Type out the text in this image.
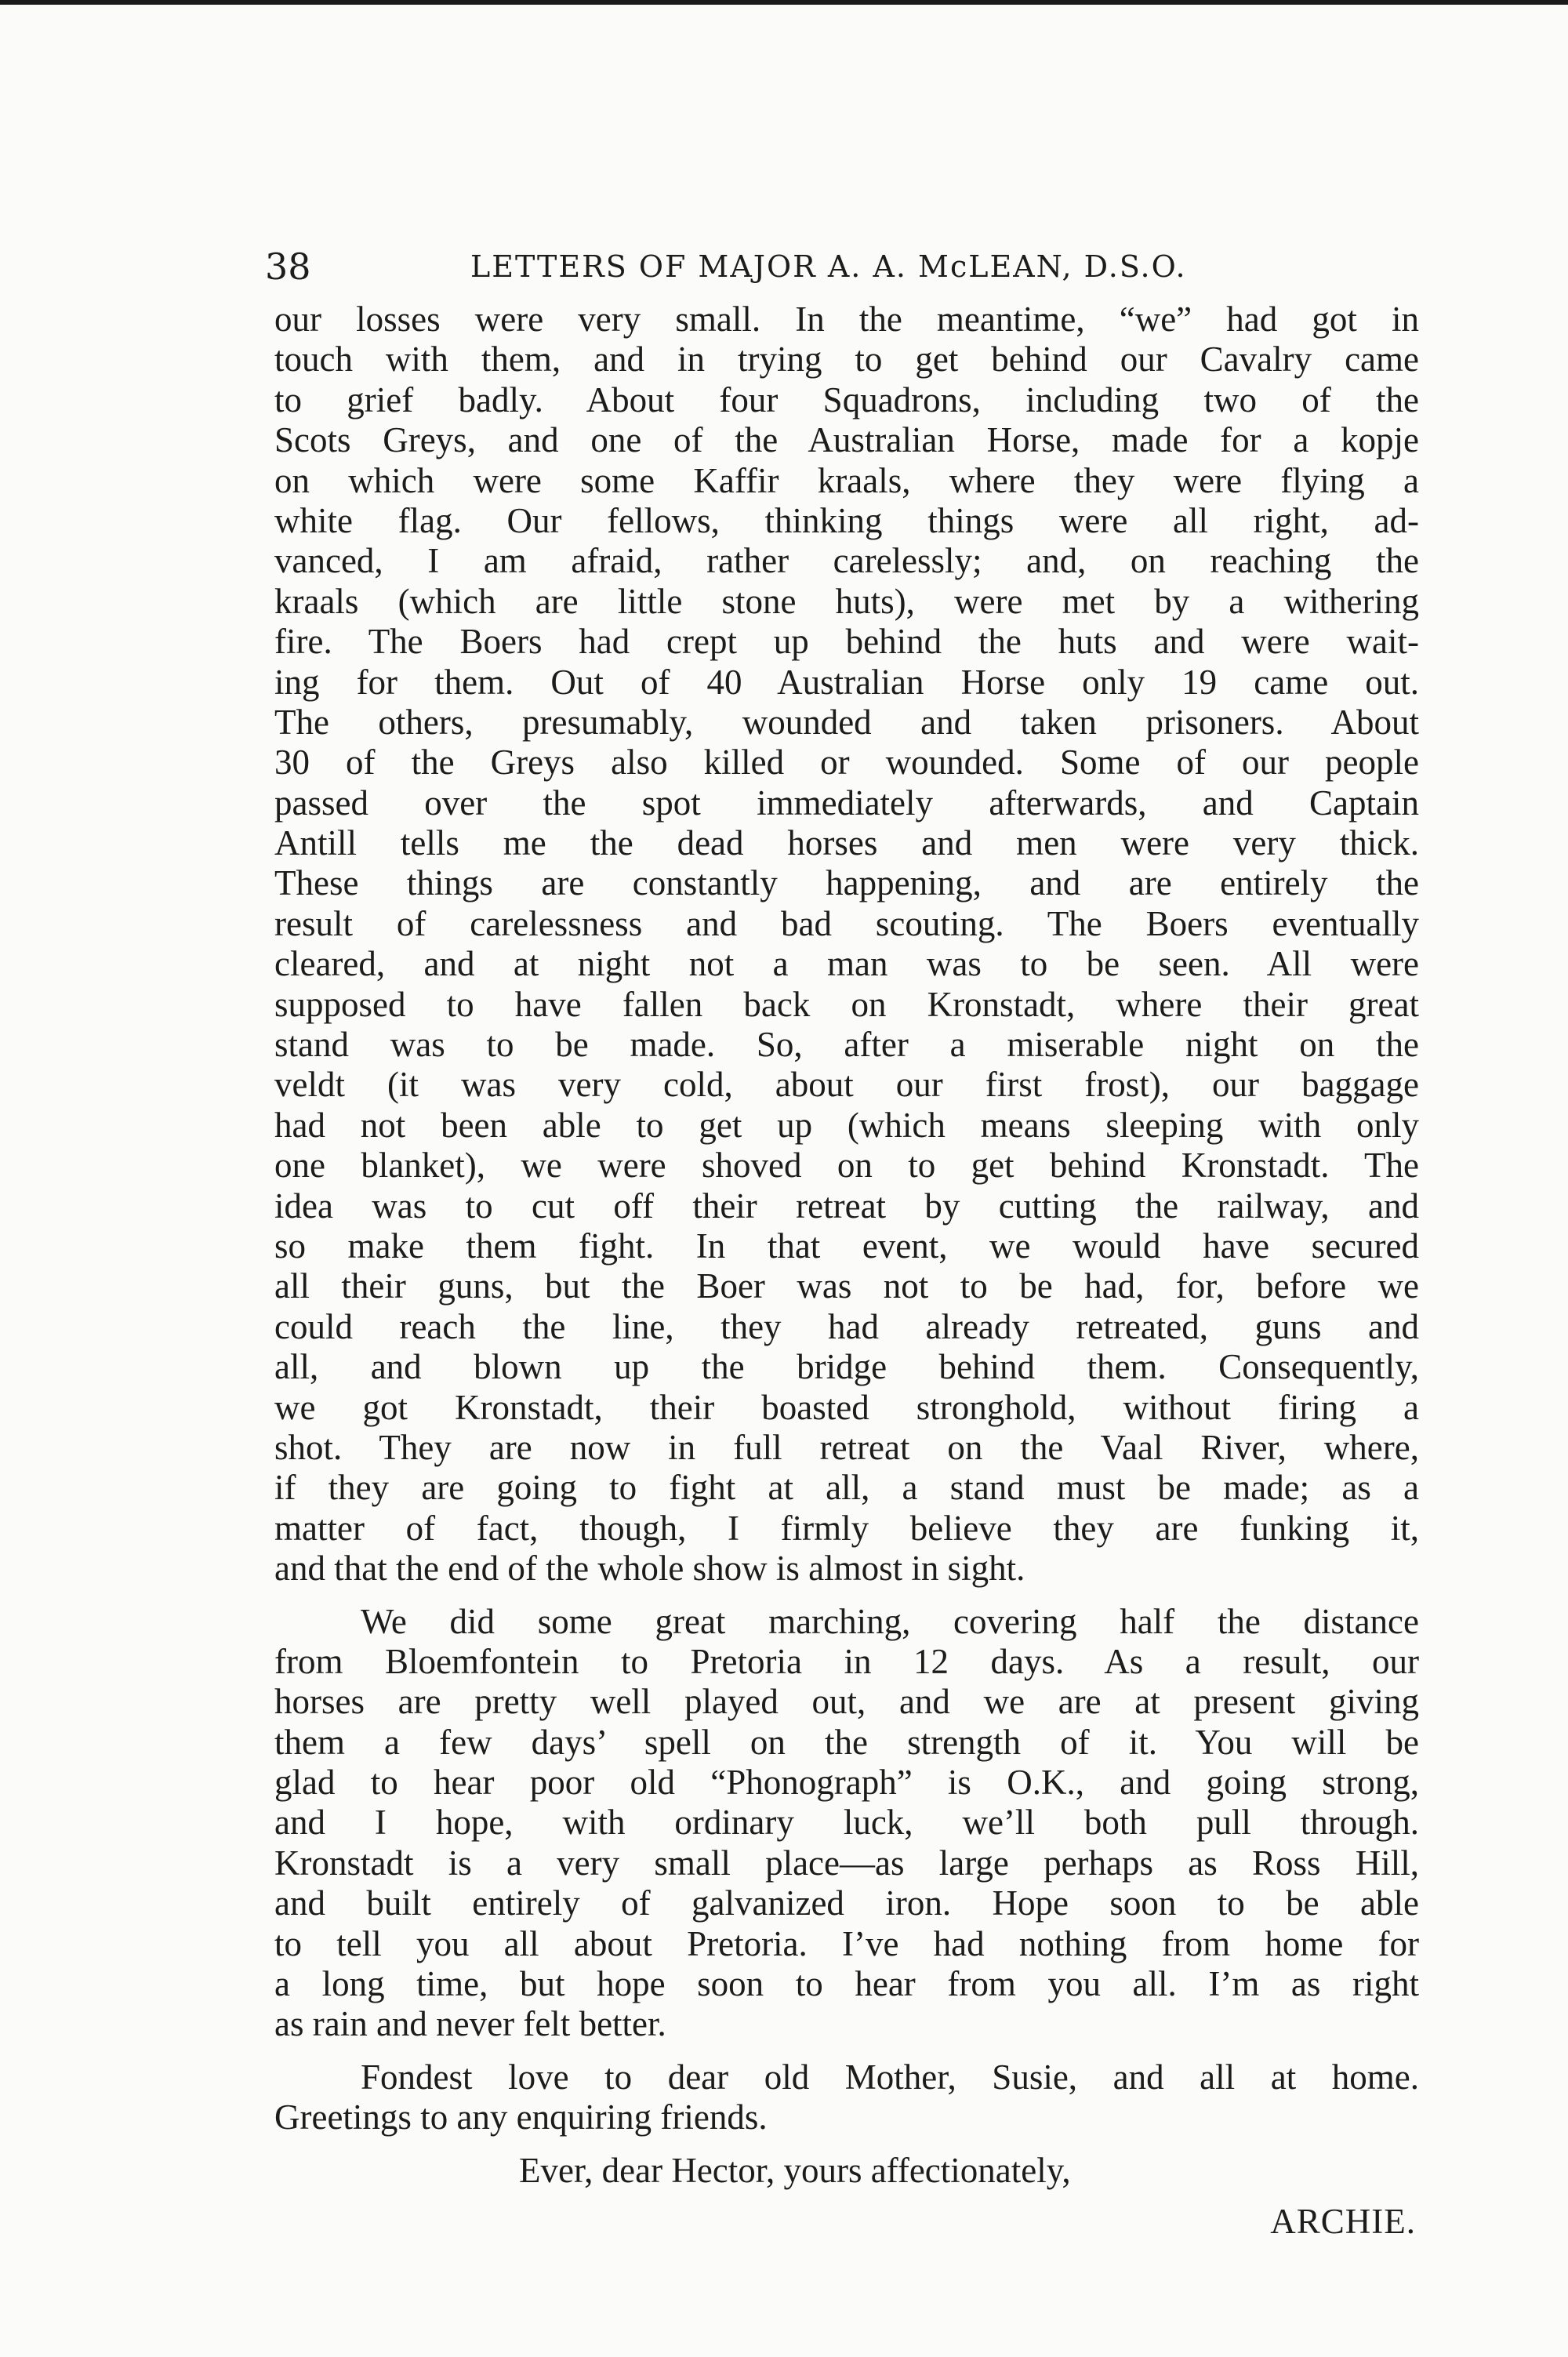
38	LETTERS OF MAJOR A. A. McLEAN, D.S.O.
our losses were very small. In the meantime, “we” had got in
touch with them, and in trying to get behind our Cavalry came
to grief badly. About four Squadrons, including two of the
Scots Greys, and one of the Australian Horse, made for a kopje
on which were some Kaffir kraals, where they were flying a
white flag. Our fellows, thinking things were all right, ad-
vanced, I am afraid, rather carelessly; and, on reaching the
kraals (which are little stone huts), were met by a withering
fire. The Boers had crept up behind the huts and were wait-
ing for them. Out of 40 Australian Horse only 19 came out.
The others, presumably, wounded and taken prisoners. About
30 of the Greys also killed or wounded. Some of our people
passed over the spot immediately afterwards, and Captain
Antill tells me the dead horses and men were very thick.
These things are constantly happening, and are entirely the
result of carelessness and bad scouting. The Boers eventually
cleared, and at night not a man was to be seen. All were
supposed to have fallen back on Kronstadt, where their great
stand was to be made. So, after a miserable night on the
veldt (it was very cold, about our first frost), our baggage
had not been able to get up (which means sleeping with only
one blanket), we were shoved on to get behind Kronstadt. The
idea was to cut off their retreat by cutting the railway, and
so make them fight. In that event, we would have secured
all their guns, but the Boer was not to be had, for, before we
could reach the line, they had already retreated, guns and
all, and blown up the bridge behind them. Consequently,
we got Kronstadt, their boasted stronghold, without firing a
shot. They are now in full retreat on the Vaal River, where,
if they are going to fight at all, a stand must be made; as a
matter of fact, though, I firmly believe they are funking it,
and that the end of the whole show is almost in sight.
We did some great marching, covering half the distance
from Bloemfontein to Pretoria in 12 days. As a result, our
horses are pretty well played out, and we are at present giving
them a few days’ spell on the strength of it. You will be
glad to hear poor old “Phonograph” is O.K., and going strong,
and I hope, with ordinary luck, we’ll both pull through.
Kronstadt is a very small place—as large perhaps as Ross Hill,
and built entirely of galvanized iron. Hope soon to be able
to tell you all about Pretoria. I’ve had nothing from home for
a long time, but hope soon to hear from you all. I’m as right
as rain and never felt better.
Fondest love to dear old Mother, Susie, and all at home.
Greetings to any enquiring friends.
Ever, dear Hector, yours affectionately,
ARCHIE.
